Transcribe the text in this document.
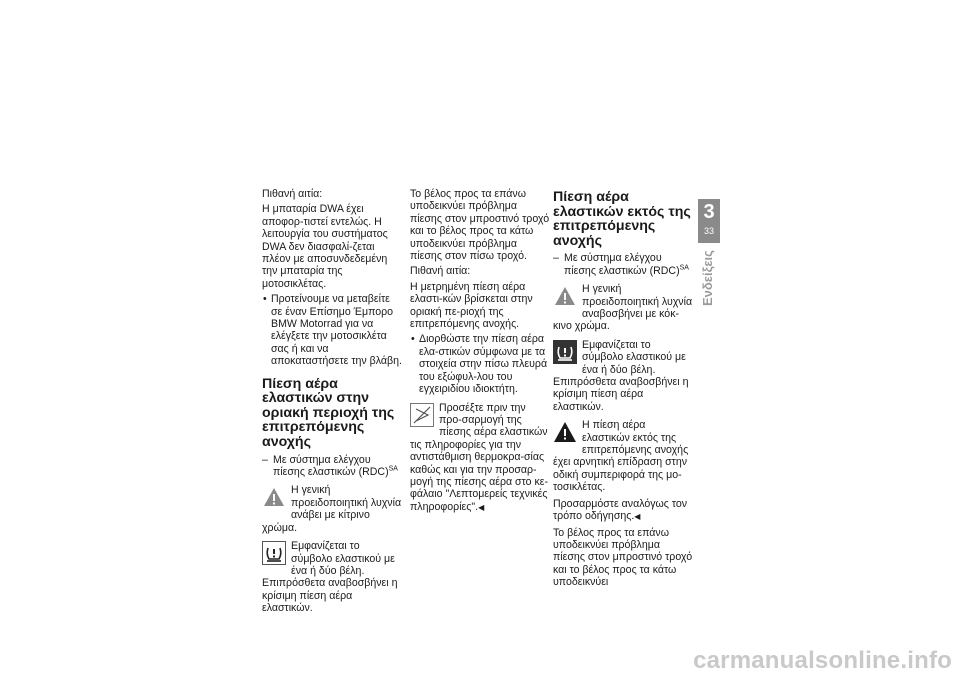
Πιθανή αιτία:

Η μπαταρία DWA έχει αποφορ-τιστεί εντελώς. Η λειτουργία του συστήματος DWA δεν διασφαλί-ζεται πλέον με αποσυνδεδεμένη την μπαταρία της μοτοσικλέτας.

• Προτείνουμε να μεταβείτε σε έναν Επίσημο Έμπορο BMW Motorrad για να ελέγξετε την μοτοσικλέτα σας ή και να αποκαταστήσετε την βλάβη.
Πίεση αέρα ελαστικών στην οριακή περιοχή της επιτρεπόμενης ανοχής
– Με σύστημα ελέγχου πίεσης ελαστικών (RDC)$^{SA}$
Η γενική προειδοποιητική λυχνία ανάβει με κίτρινο χρώμα.
Εμφανίζεται το σύμβολο ελαστικού με ένα ή δύο βέλη. Επιπρόσθετα αναβοσβήνει η κρίσιμη πίεση αέρα ελαστικών.

Το βέλος προς τα επάνω υποδεικνύει πρόβλημα πίεσης στον μπροστινό τροχό και το βέλος προς τα κάτω υποδεικνύει πρόβλημα πίεσης στον πίσω τροχό.

Πιθανή αιτία:

Η μετρημένη πίεση αέρα ελαστι-κών βρίσκεται στην οριακή πε-ριοχή της επιτρεπόμενης ανοχής.

• Διορθώστε την πίεση αέρα ελα-στικών σύμφωνα με τα στοιχεία στην πίσω πλευρά του εξώφυλ-λου του εγχειριδίου ιδιοκτήτη.
Προσέξτε πριν την προ-σαρμογή της πίεσης αέρα ελαστικών τις πληροφορίες για την αντιστάθμιση θερμοκρα-σίας καθώς και για την προσαρ-μογή της πίεσης αέρα στο κε-φάλαιο "Λεπτομερείς τεχνικές πληροφορίες".◀
Πίεση αέρα ελαστικών εκτός της επιτρεπόμενης ανοχής
– Με σύστημα ελέγχου πίεσης ελαστικών (RDC)$^{SA}$
Η γενική προειδοποιητική λυχνία αναβοσβήνει με κόκ-κινο χρώμα.
Εμφανίζεται το σύμβολο ελαστικού με ένα ή δύο βέλη. Επιπρόσθετα αναβοσβήνει η κρίσιμη πίεση αέρα ελαστικών.
Η πίεση αέρα ελαστικών εκτός της επιτρεπόμενης ανοχής έχει αρνητική επίδραση στην οδική συμπεριφορά της μο-τοσικλέτας.

Προσαρμόστε αναλόγως τον τρόπο οδήγησης.◀

Το βέλος προς τα επάνω υποδεικνύει πρόβλημα πίεσης στον μπροστινό τροχό και το βέλος προς τα κάτω υποδεικνύει

3
33
Ενδείξεις
carmanualsonline.info
